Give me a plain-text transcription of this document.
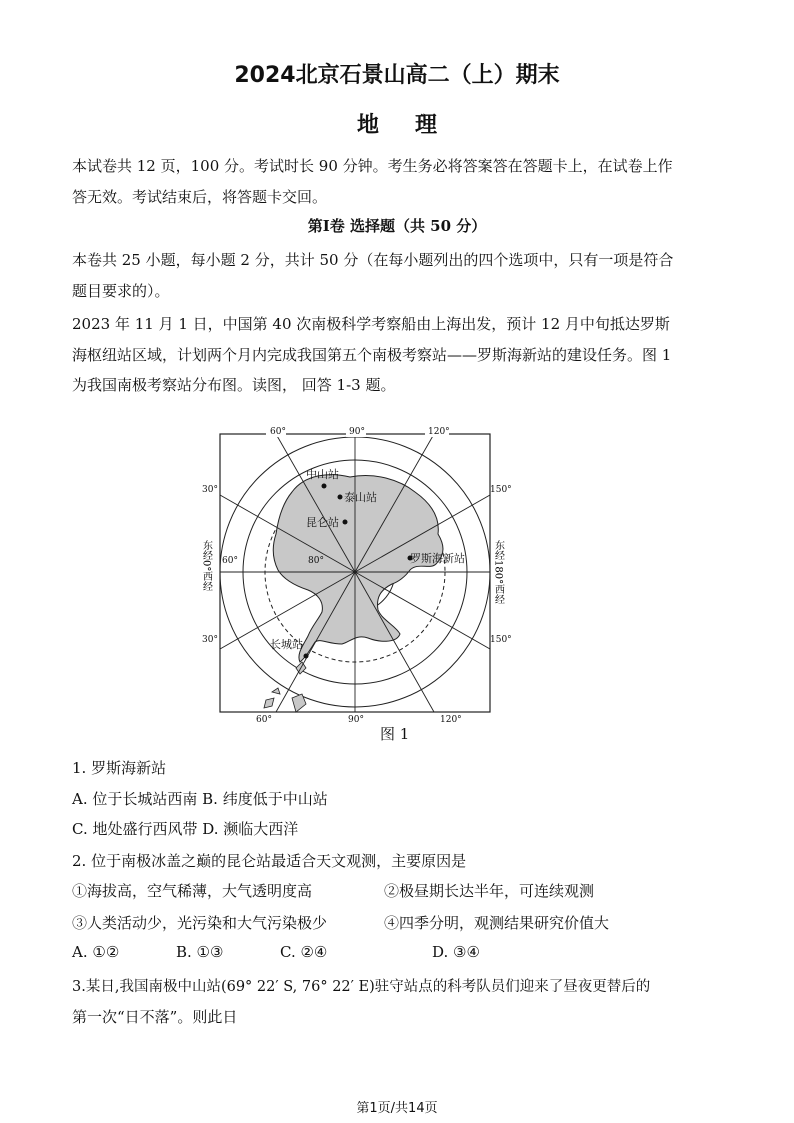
2024北京石景山高二（上）期末
地理
本试卷共 12 页，100 分。考试时长 90 分钟。考生务必将答案答在答题卡上，在试卷上作
答无效。考试结束后，将答题卡交回。
第Ⅰ卷 选择题（共 50 分）
本卷共 25 小题，每小题 2 分，共计 50 分（在每小题列出的四个选项中，只有一项是符合
题目要求的）。
2023 年 11 月 1 日，中国第 40 次南极科学考察船由上海出发，预计 12 月中旬抵达罗斯
海枢纽站区域，计划两个月内完成我国第五个南极考察站——罗斯海新站的建设任务。图 1
为我国南极考察站分布图。读图， 回答 1-3 题。
60°	90°	120°
60°	90°	120°
30°
30°
150°
150°
60°	80°
东经0°西经	东经180°西经
中山站
泰山站
昆仑站
罗斯海新站
长城站
图 1
1. 罗斯海新站
A. 位于长城站西南 B. 纬度低于中山站
C. 地处盛行西风带 D. 濒临大西洋
2. 位于南极冰盖之巅的昆仑站最适合天文观测，主要原因是
①海拔高，空气稀薄，大气透明度高	②极昼期长达半年，可连续观测
③人类活动少，光污染和大气污染极少	④四季分明，观测结果研究价值大
A. ①②	B. ①③	C. ②④	D. ③④
3.某日,我国南极中山站(69° 22′ S, 76° 22′ E)驻守站点的科考队员们迎来了昼夜更替后的
第一次“日不落”。则此日
第1页/共14页
